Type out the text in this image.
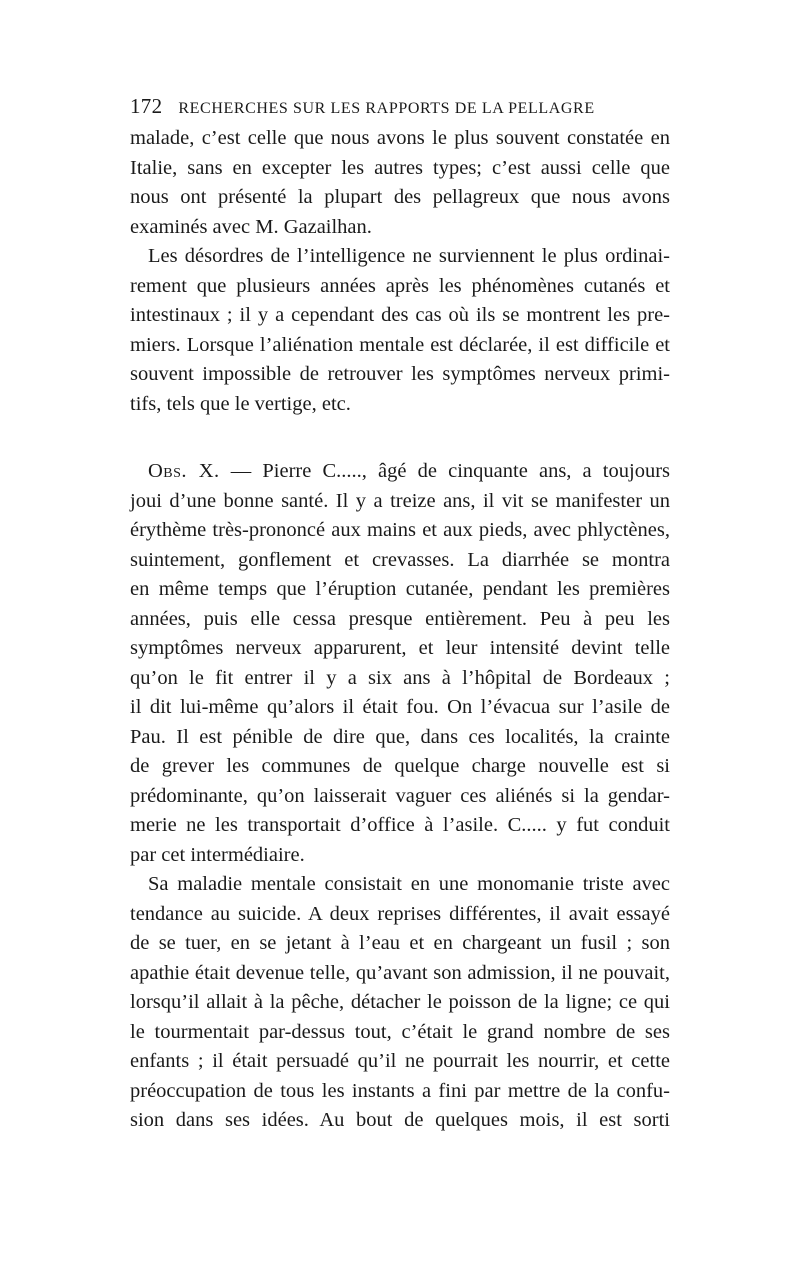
172 RECHERCHES SUR LES RAPPORTS DE LA PELLAGRE
malade, c’est celle que nous avons le plus souvent constatée en
Italie, sans en excepter les autres types; c’est aussi celle que
nous ont présenté la plupart des pellagreux que nous avons
examinés avec M. Gazailhan.
Les désordres de l’intelligence ne surviennent le plus ordinai-
rement que plusieurs années après les phénomènes cutanés et
intestinaux ; il y a cependant des cas où ils se montrent les pre-
miers. Lorsque l’aliénation mentale est déclarée, il est difficile et
souvent impossible de retrouver les symptômes nerveux primi-
tifs, tels que le vertige, etc.
Obs. X. — Pierre C....., âgé de cinquante ans, a toujours
joui d’une bonne santé. Il y a treize ans, il vit se manifester un
érythème très-prononcé aux mains et aux pieds, avec phlyctènes,
suintement, gonflement et crevasses. La diarrhée se montra
en même temps que l’éruption cutanée, pendant les premières
années, puis elle cessa presque entièrement. Peu à peu les
symptômes nerveux apparurent, et leur intensité devint telle
qu’on le fit entrer il y a six ans à l’hôpital de Bordeaux ;
il dit lui-même qu’alors il était fou. On l’évacua sur l’asile de
Pau. Il est pénible de dire que, dans ces localités, la crainte
de grever les communes de quelque charge nouvelle est si
prédominante, qu’on laisserait vaguer ces aliénés si la gendar-
merie ne les transportait d’office à l’asile. C..... y fut conduit
par cet intermédiaire.
Sa maladie mentale consistait en une monomanie triste avec
tendance au suicide. A deux reprises différentes, il avait essayé
de se tuer, en se jetant à l’eau et en chargeant un fusil ; son
apathie était devenue telle, qu’avant son admission, il ne pouvait,
lorsqu’il allait à la pêche, détacher le poisson de la ligne; ce qui
le tourmentait par-dessus tout, c’était le grand nombre de ses
enfants ; il était persuadé qu’il ne pourrait les nourrir, et cette
préoccupation de tous les instants a fini par mettre de la confu-
sion dans ses idées. Au bout de quelques mois, il est sorti
